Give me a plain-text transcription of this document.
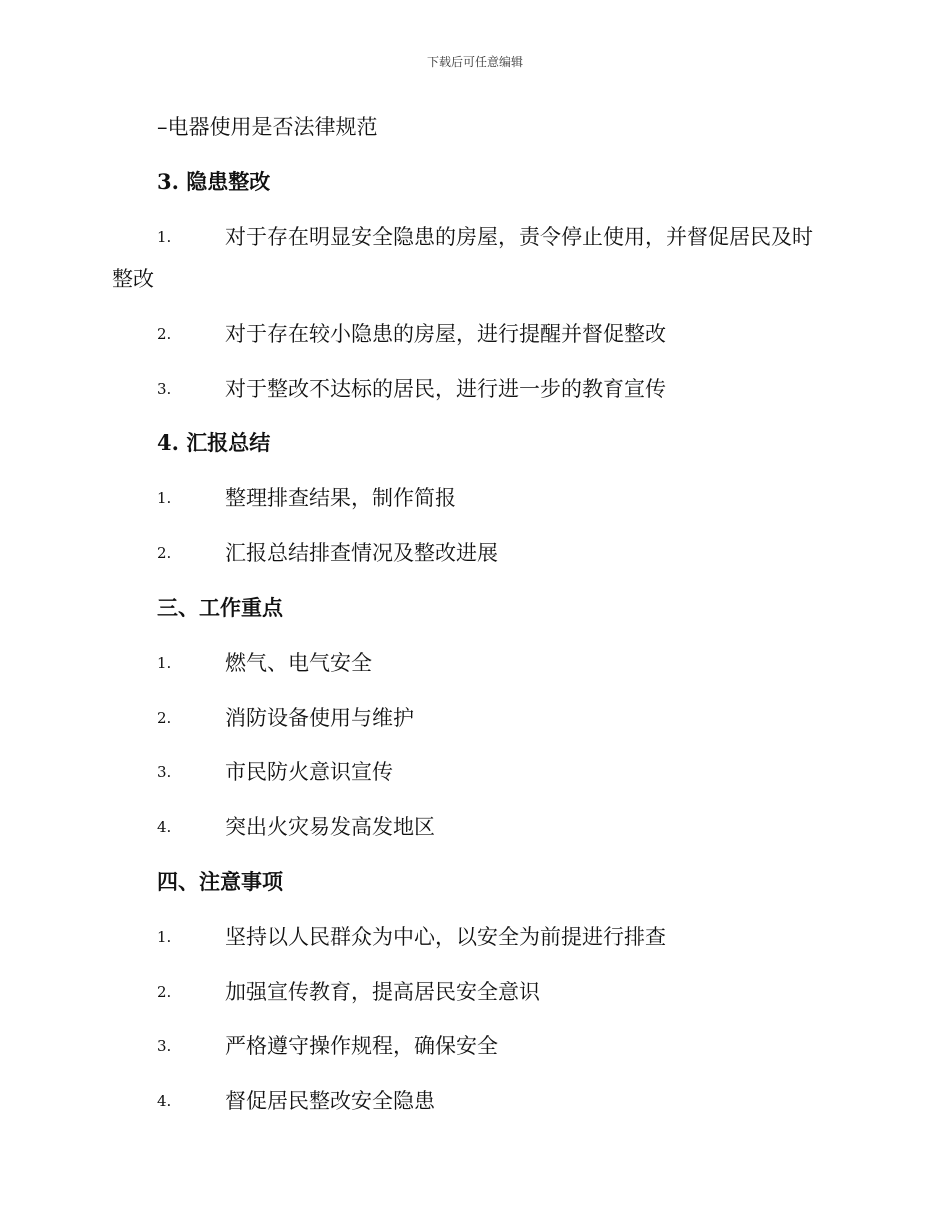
下载后可任意编辑
–电器使用是否法律规范
3. 隐患整改
1.	对于存在明显安全隐患的房屋，责令停止使用，并督促居民及时
整改
2.	对于存在较小隐患的房屋，进行提醒并督促整改
3.	对于整改不达标的居民，进行进一步的教育宣传
4. 汇报总结
1.	整理排查结果，制作简报
2.	汇报总结排查情况及整改进展
三、工作重点
1.	燃气、电气安全
2.	消防设备使用与维护
3.	市民防火意识宣传
4.	突出火灾易发高发地区
四、注意事项
1.	坚持以人民群众为中心，以安全为前提进行排查
2.	加强宣传教育，提高居民安全意识
3.	严格遵守操作规程，确保安全
4.	督促居民整改安全隐患
